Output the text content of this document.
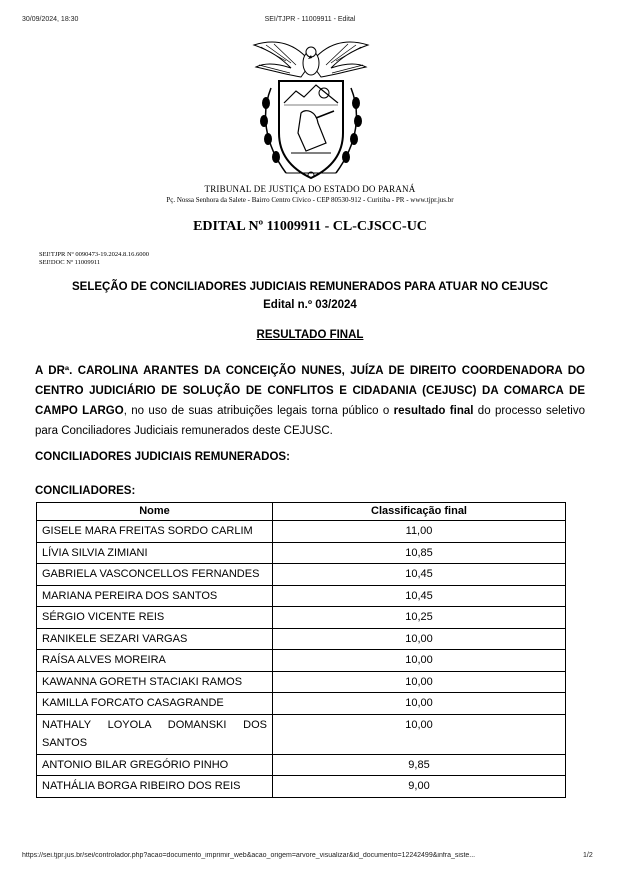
30/09/2024, 18:30	SEI/TJPR - 11009911 - Edital
TRIBUNAL DE JUSTIÇA DO ESTADO DO PARANÁ
Pç. Nossa Senhora da Salete - Bairro Centro Cívico - CEP 80530-912 - Curitiba - PR - www.tjpr.jus.br
EDITAL Nº 11009911 - CL-CJSCC-UC
SEI!TJPR Nº 0090473-19.2024.8.16.6000
SEI!DOC Nº 11009911
SELEÇÃO DE CONCILIADORES JUDICIAIS REMUNERADOS PARA ATUAR NO CEJUSC
Edital n.º 03/2024
RESULTADO FINAL
A DRª. CAROLINA ARANTES DA CONCEIÇÃO NUNES, JUÍZA DE DIREITO COORDENADORA DO CENTRO JUDICIÁRIO DE SOLUÇÃO DE CONFLITOS E CIDADANIA (CEJUSC) DA COMARCA DE CAMPO LARGO, no uso de suas atribuições legais torna público o resultado final do processo seletivo para Conciliadores Judiciais remunerados deste CEJUSC.
CONCILIADORES JUDICIAIS REMUNERADOS:
CONCILIADORES:
Nome	Classificação final
GISELE MARA FREITAS SORDO CARLIM	11,00
LÍVIA SILVIA ZIMIANI	10,85
GABRIELA VASCONCELLOS FERNANDES	10,45
MARIANA PEREIRA DOS SANTOS	10,45
SÉRGIO VICENTE REIS	10,25
RANIKELE SEZARI VARGAS	10,00
RAÍSA ALVES MOREIRA	10,00
KAWANNA GORETH STACIAKI RAMOS	10,00
KAMILLA FORCATO CASAGRANDE	10,00
NATHALY LOYOLA DOMANSKI DOS SANTOS	10,00
ANTONIO BILAR GREGÓRIO PINHO	9,85
NATHÁLIA BORGA RIBEIRO DOS REIS	9,00
https://sei.tjpr.jus.br/sei/controlador.php?acao=documento_imprimir_web&acao_origem=arvore_visualizar&id_documento=12242499&infra_siste...	1/2
